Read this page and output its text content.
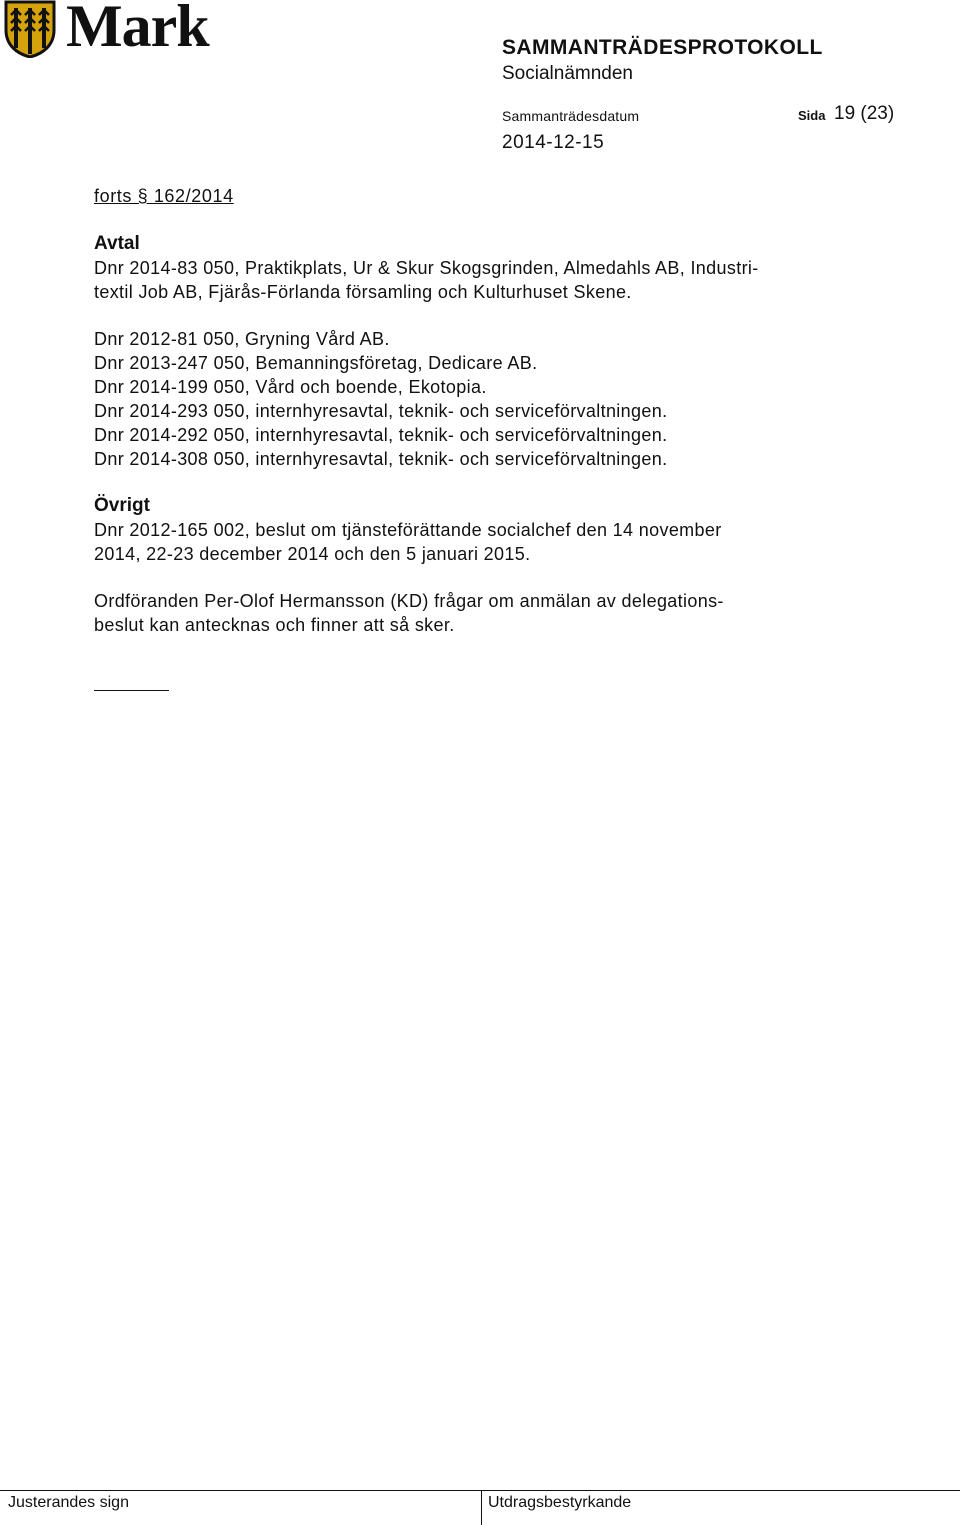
Mark	SAMMANTRÄDESPROTOKOLL
Socialnämnden
Sammanträdesdatum	Sida 19 (23)
2014-12-15

forts § 162/2014

Avtal

Dnr 2014-83 050, Praktikplats, Ur & Skur Skogsgrinden, Almedahls AB, Industri-

textil Job AB, Fjärås-Förlanda församling och Kulturhuset Skene.

Dnr 2012-81 050, Gryning Vård AB.

Dnr 2013-247 050, Bemanningsföretag, Dedicare AB.

Dnr 2014-199 050, Vård och boende, Ekotopia.

Dnr 2014-293 050, internhyresavtal, teknik- och serviceförvaltningen.

Dnr 2014-292 050, internhyresavtal, teknik- och serviceförvaltningen.

Dnr 2014-308 050, internhyresavtal, teknik- och serviceförvaltningen.

Övrigt

Dnr 2012-165 002, beslut om tjänsteförättande socialchef den 14 november

2014, 22-23 december 2014 och den 5 januari 2015.

Ordföranden Per-Olof Hermansson (KD) frågar om anmälan av delegations-

beslut kan antecknas och finner att så sker.

Justerandes sign	Utdragsbestyrkande
